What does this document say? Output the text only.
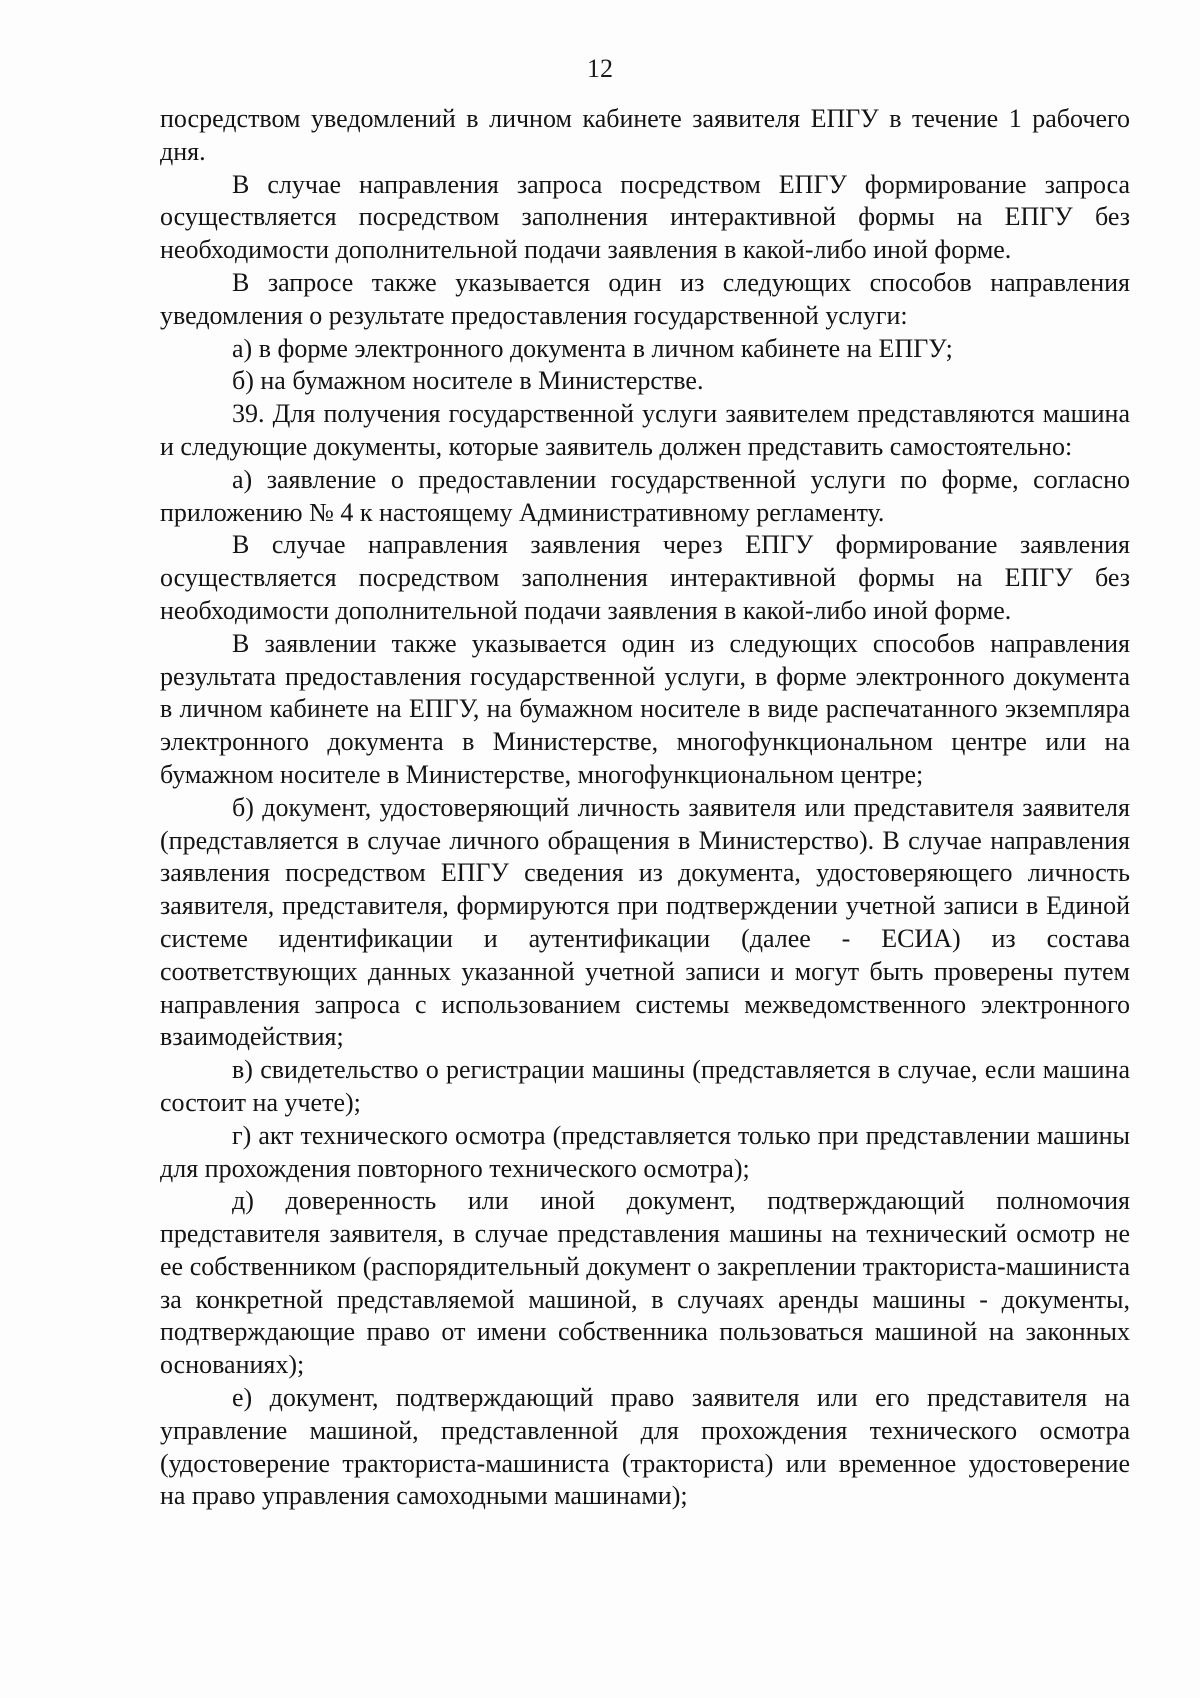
12

посредством уведомлений в личном кабинете заявителя ЕПГУ в течение 1 рабочего дня.

В случае направления запроса посредством ЕПГУ формирование запроса осуществляется посредством заполнения интерактивной формы на ЕПГУ без необходимости дополнительной подачи заявления в какой-либо иной форме.

В запросе также указывается один из следующих способов направления уведомления о результате предоставления государственной услуги:

а) в форме электронного документа в личном кабинете на ЕПГУ;

б) на бумажном носителе в Министерстве.

39. Для получения государственной услуги заявителем представляются машина и следующие документы, которые заявитель должен представить самостоятельно:

а) заявление о предоставлении государственной услуги по форме, согласно приложению № 4 к настоящему Административному регламенту.

В случае направления заявления через ЕПГУ формирование заявления осуществляется посредством заполнения интерактивной формы на ЕПГУ без необходимости дополнительной подачи заявления в какой-либо иной форме.

В заявлении также указывается один из следующих способов направления результата предоставления государственной услуги, в форме электронного документа в личном кабинете на ЕПГУ, на бумажном носителе в виде распечатанного экземпляра электронного документа в Министерстве, многофункциональном центре или на бумажном носителе в Министерстве, многофункциональном центре;

б) документ, удостоверяющий личность заявителя или представителя заявителя (представляется в случае личного обращения в Министерство). В случае направления заявления посредством ЕПГУ сведения из документа, удостоверяющего личность заявителя, представителя, формируются при подтверждении учетной записи в Единой системе идентификации и аутентификации (далее - ЕСИА) из состава соответствующих данных указанной учетной записи и могут быть проверены путем направления запроса с использованием системы межведомственного электронного взаимодействия;

в) свидетельство о регистрации машины (представляется в случае, если машина состоит на учете);

г) акт технического осмотра (представляется только при представлении машины для прохождения повторного технического осмотра);

д) доверенность или иной документ, подтверждающий полномочия представителя заявителя, в случае представления машины на технический осмотр не ее собственником (распорядительный документ о закреплении тракториста-машиниста за конкретной представляемой машиной, в случаях аренды машины - документы, подтверждающие право от имени собственника пользоваться машиной на законных основаниях);

е) документ, подтверждающий право заявителя или его представителя на управление машиной, представленной для прохождения технического осмотра (удостоверение тракториста-машиниста (тракториста) или временное удостоверение на право управления самоходными машинами);
